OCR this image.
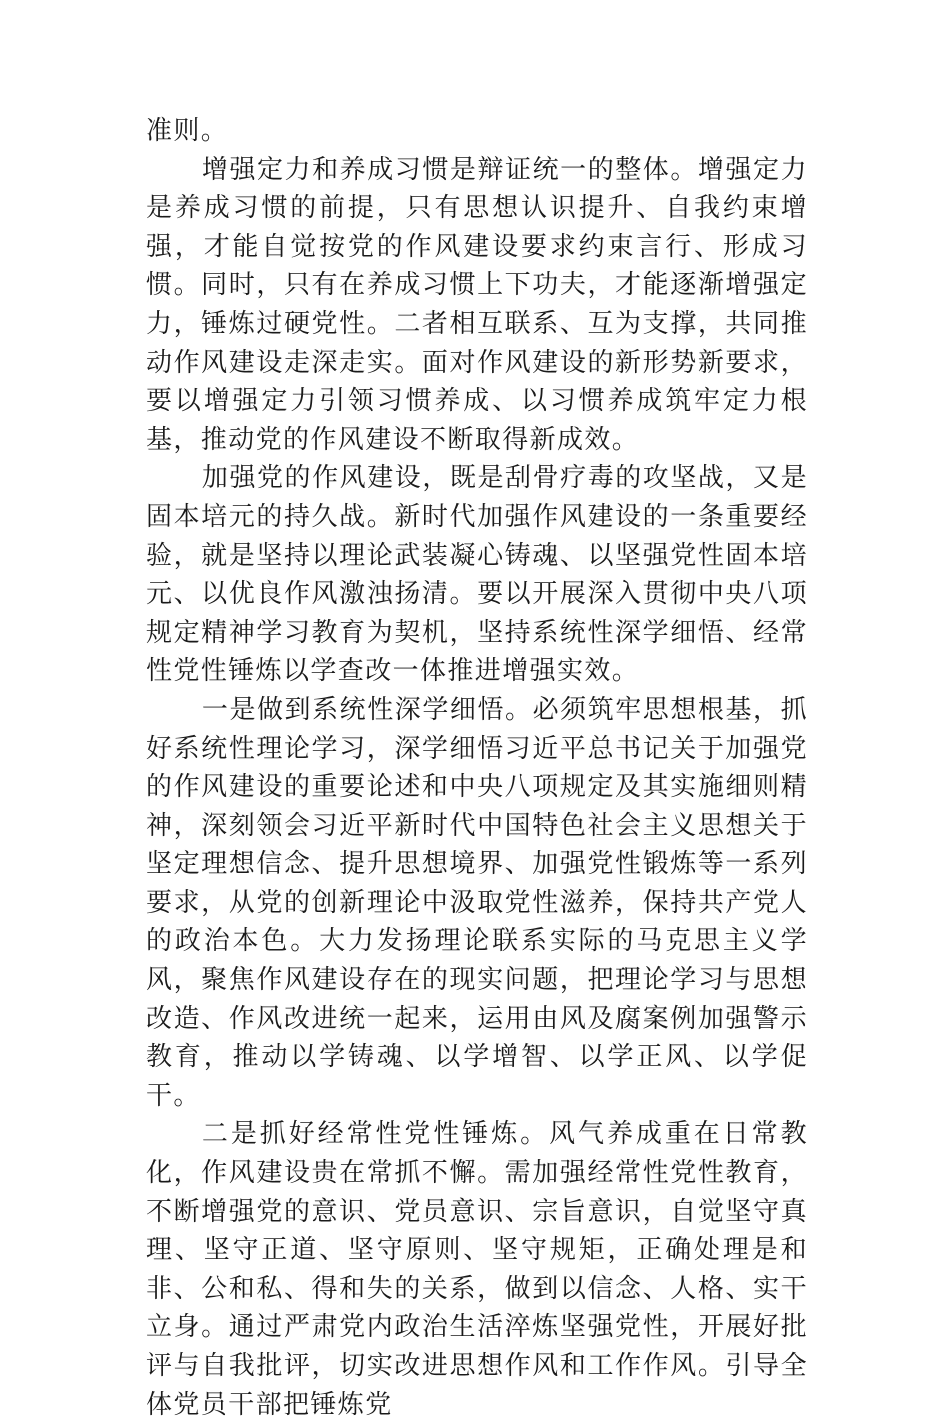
准则。

增强定力和养成习惯是辩证统一的整体。增强定力是养成习惯的前提，只有思想认识提升、自我约束增强，才能自觉按党的作风建设要求约束言行、形成习惯。同时，只有在养成习惯上下功夫，才能逐渐增强定力，锤炼过硬党性。二者相互联系、互为支撑，共同推动作风建设走深走实。面对作风建设的新形势新要求，要以增强定力引领习惯养成、以习惯养成筑牢定力根基，推动党的作风建设不断取得新成效。

加强党的作风建设，既是刮骨疗毒的攻坚战，又是固本培元的持久战。新时代加强作风建设的一条重要经验，就是坚持以理论武装凝心铸魂、以坚强党性固本培元、以优良作风激浊扬清。要以开展深入贯彻中央八项规定精神学习教育为契机，坚持系统性深学细悟、经常性党性锤炼以学查改一体推进增强实效。

一是做到系统性深学细悟。必须筑牢思想根基，抓好系统性理论学习，深学细悟习近平总书记关于加强党的作风建设的重要论述和中央八项规定及其实施细则精神，深刻领会习近平新时代中国特色社会主义思想关于坚定理想信念、提升思想境界、加强党性锻炼等一系列要求，从党的创新理论中汲取党性滋养，保持共产党人的政治本色。大力发扬理论联系实际的马克思主义学风，聚焦作风建设存在的现实问题，把理论学习与思想改造、作风改进统一起来，运用由风及腐案例加强警示教育，推动以学铸魂、以学增智、以学正风、以学促干。

二是抓好经常性党性锤炼。风气养成重在日常教化，作风建设贵在常抓不懈。需加强经常性党性教育，不断增强党的意识、党员意识、宗旨意识，自觉坚守真理、坚守正道、坚守原则、坚守规矩，正确处理是和非、公和私、得和失的关系，做到以信念、人格、实干立身。通过严肃党内政治生活淬炼坚强党性，开展好批评与自我批评，切实改进思想作风和工作作风。引导全体党员干部把锤炼党
